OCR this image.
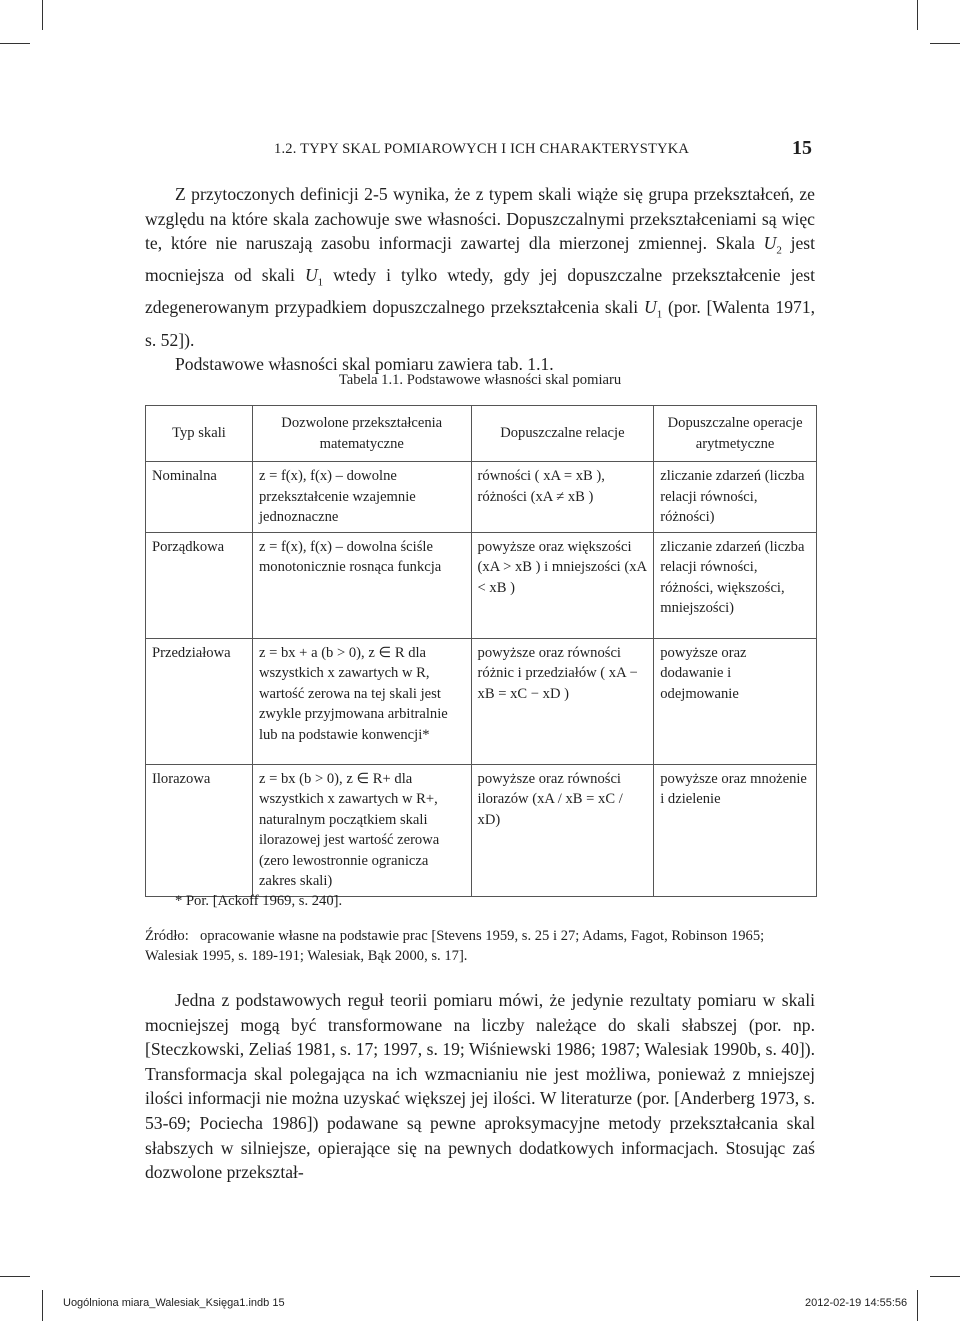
1.2. TYPY SKAL POMIAROWYCH I ICH CHARAKTERYSTYKA	15

Z przytoczonych definicji 2-5 wynika, że z typem skali wiąże się grupa przekształceń, ze względu na które skala zachowuje swe własności. Dopuszczalnymi przekształceniami są więc te, które nie naruszają zasobu informacji zawartej dla mierzonej zmiennej. Skala $U_2$ jest mocniejsza od skali $U_1$ wtedy i tylko wtedy, gdy jej dopuszczalne przekształcenie jest zdegenerowanym przypadkiem dopuszczalnego przekształcenia skali $U_1$ (por. [Walenta 1971, s. 52]).

Podstawowe własności skal pomiaru zawiera tab. 1.1.

Tabela 1.1. Podstawowe własności skal pomiaru
Typ skali	Dozwolone przekształcenia matematyczne	Dopuszczalne relacje	Dopuszczalne operacje arytmetyczne
Nominalna	z = f(x), f(x) – dowolne przekształcenie wzajemnie jednoznaczne	równości ( xA = xB ), różności (xA ≠ xB )	zliczanie zdarzeń (liczba relacji równości, różności)
Porządkowa	z = f(x), f(x) – dowolna ściśle monotonicznie rosnąca funkcja	powyższe oraz większości (xA > xB ) i mniejszości (xA < xB )	zliczanie zdarzeń (liczba relacji równości, różności, większości, mniejszości)
Przedziałowa	z = bx + a (b > 0), z ∈ R dla wszystkich x zawartych w R, wartość zerowa na tej skali jest zwykle przyjmowana arbitralnie lub na podstawie konwencji*	powyższe oraz równości różnic i przedziałów ( xA − xB = xC − xD )	powyższe oraz dodawanie i odejmowanie
Ilorazowa	z = bx (b > 0), z ∈ R+ dla wszystkich x zawartych w R+, naturalnym początkiem skali ilorazowej jest wartość zerowa (zero lewostronnie ogranicza zakres skali)	powyższe oraz równości ilorazów (xA / xB = xC / xD)	powyższe oraz mnożenie i dzielenie
* Por. [Ackoff 1969, s. 240].
Źródło: opracowanie własne na podstawie prac [Stevens 1959, s. 25 i 27; Adams, Fagot, Robinson 1965; Walesiak 1995, s. 189-191; Walesiak, Bąk 2000, s. 17].

Jedna z podstawowych reguł teorii pomiaru mówi, że jedynie rezultaty pomiaru w skali mocniejszej mogą być transformowane na liczby należące do skali słabszej (por. np. [Steczkowski, Zeliaś 1981, s. 17; 1997, s. 19; Wiśniewski 1986; 1987; Walesiak 1990b, s. 40]). Transformacja skal polegająca na ich wzmacnianiu nie jest możliwa, ponieważ z mniejszej ilości informacji nie można uzyskać większej jej ilości. W literaturze (por. [Anderberg 1973, s. 53-69; Pociecha 1986]) podawane są pewne aproksymacyjne metody przekształcania skal słabszych w silniejsze, opierające się na pewnych dodatkowych informacjach. Stosując zaś dozwolone przekształ-

Uogólniona miara_Walesiak_Księga1.indb 15	2012-02-19 14:55:56
